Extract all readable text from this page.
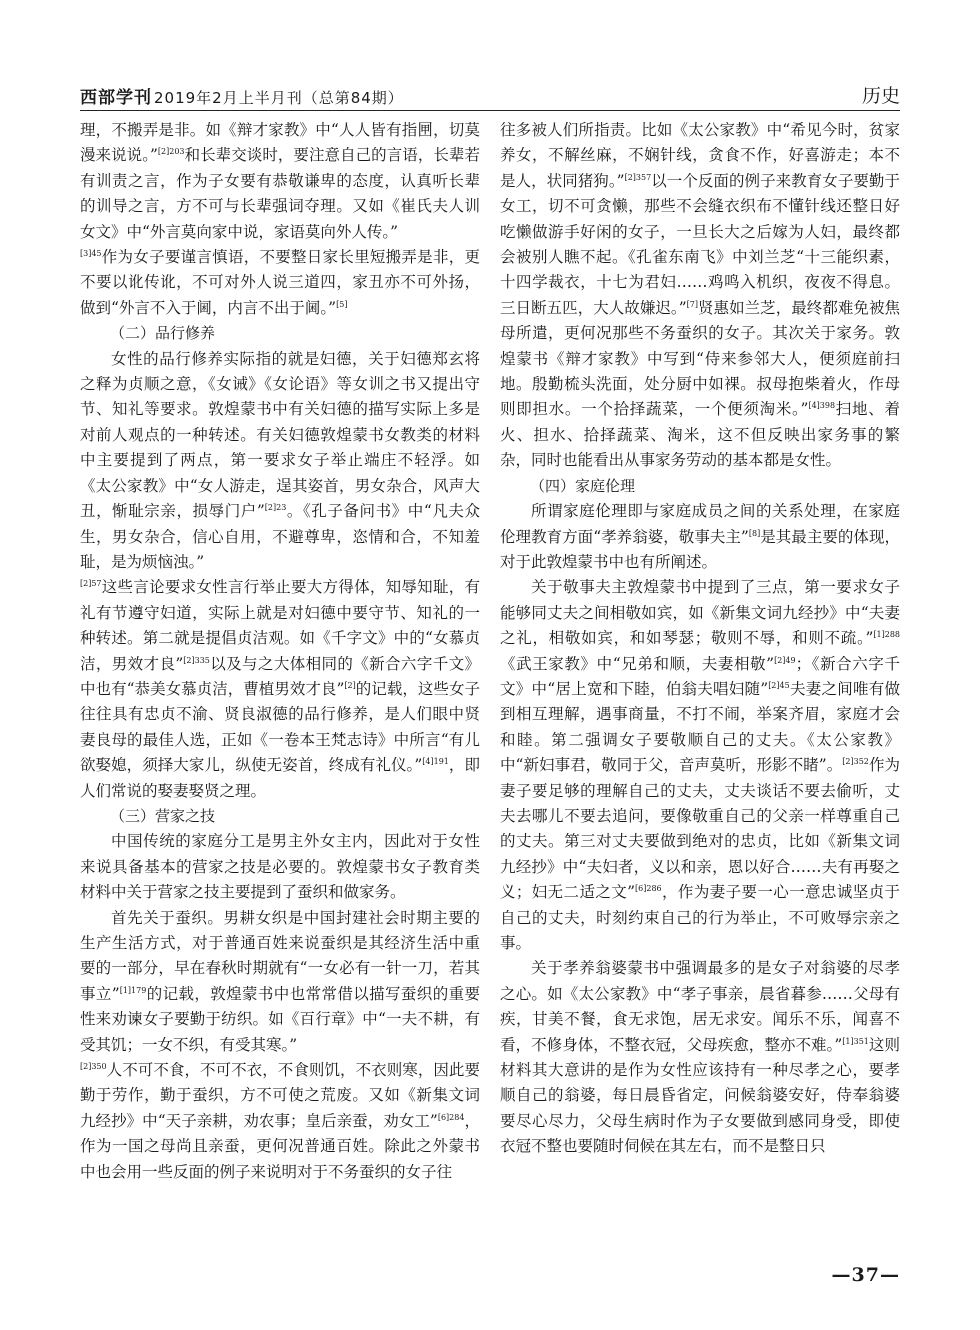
西部学刊 2019年2月上半月刊（总第84期）	历史

理，不搬弄是非。如《辩才家教》中“人人皆有指㘡，切莫漫来说说。”$^{[2]203}$和长辈交谈时，要注意自己的言语，长辈若有训责之言，作为子女要有恭敬谦卑的态度，认真听长辈的训导之言，方不可与长辈强词夺理。又如《崔氏夫人训女文》中“外言莫向家中说，家语莫向外人传。”

$^{[3]45}$作为女子要谨言慎语，不要整日家长里短搬弄是非，更不要以讹传讹，不可对外人说三道四，家丑亦不可外扬，做到“外言不入于阃，内言不出于阃。”[5]

（二）品行修养

女性的品行修养实际指的就是妇德，关于妇德郑玄将之释为贞顺之意，《女诫》《女论语》等女训之书又提出守节、知礼等要求。敦煌蒙书中有关妇德的描写实际上多是对前人观点的一种转述。有关妇德敦煌蒙书女教类的材料中主要提到了两点，第一要求女子举止端庄不轻浮。如《太公家教》中“女人游走，逞其姿首，男女杂合，风声大丑，惭耻宗亲，损辱门户”$^{[2]23}$。《孔子备问书》中“凡夫众生，男女杂合，信心自用，不避尊卑，恣情和合，不知羞耻，是为烦恼浊。”

$^{[2]57}$这些言论要求女性言行举止要大方得体，知辱知耻，有礼有节遵守妇道，实际上就是对妇德中要守节、知礼的一种转述。第二就是提倡贞洁观。如《千字文》中的“女慕贞洁，男效才良”$^{[2]335}$以及与之大体相同的《新合六字千文》中也有“恭美女慕贞洁，曹植男效才良”[2]的记载，这些女子往往具有忠贞不渝、贤良淑德的品行修养，是人们眼中贤妻良母的最佳人选，正如《一卷本王梵志诗》中所言“有儿欲娶媳，须择大家儿，纵使无姿首，终成有礼仪。”$^{[4]191}$，即人们常说的娶妻娶贤之理。

（三）营家之技

中国传统的家庭分工是男主外女主内，因此对于女性来说具备基本的营家之技是必要的。敦煌蒙书女子教育类材料中关于营家之技主要提到了蚕织和做家务。

首先关于蚕织。男耕女织是中国封建社会时期主要的生产生活方式，对于普通百姓来说蚕织是其经济生活中重要的一部分，早在春秋时期就有“一女必有一针一刀，若其事立”$^{[1]179}$的记载，敦煌蒙书中也常常借以描写蚕织的重要性来劝谏女子要勤于纺织。如《百行章》中“一夫不耕，有受其饥；一女不织，有受其寒。”

$^{[2]350}$人不可不食，不可不衣，不食则饥，不衣则寒，因此要勤于劳作，勤于蚕织，方不可使之荒废。又如《新集文词九经抄》中“天子亲耕，劝农事；皇后亲蚕，劝女工”$^{[6]284}$，作为一国之母尚且亲蚕，更何况普通百姓。除此之外蒙书中也会用一些反面的例子来说明对于不务蚕织的女子往

往多被人们所指责。比如《太公家教》中“希见今时，贫家养女，不解丝麻，不娴针线，贪食不作，好喜游走；本不是人，状同猪狗。”$^{[2]357}$以一个反面的例子来教育女子要勤于女工，切不可贪懒，那些不会缝衣织布不懂针线还整日好吃懒做游手好闲的女子，一旦长大之后嫁为人妇，最终都会被别人瞧不起。《孔雀东南飞》中刘兰芝“十三能织素，十四学裁衣，十七为君妇……鸡鸣入机织，夜夜不得息。三日断五匹，大人故嫌迟。”[7]贤惠如兰芝，最终都难免被焦母所遣，更何况那些不务蚕织的女子。其次关于家务。敦煌蒙书《辩才家教》中写到“侍来参邻大人，便须庭前扫地。殷勤梳头洗面，处分厨中如裸。叔母抱柴着火，作母则即担水。一个拾择蔬菜，一个便须淘米。”$^{[4]398}$扫地、着火、担水、拾择蔬菜、淘米，这不但反映出家务事的繁杂，同时也能看出从事家务劳动的基本都是女性。

（四）家庭伦理

所谓家庭伦理即与家庭成员之间的关系处理，在家庭伦理教育方面“孝养翁婆，敬事夫主”[8]是其最主要的体现，对于此敦煌蒙书中也有所阐述。

关于敬事夫主敦煌蒙书中提到了三点，第一要求女子能够同丈夫之间相敬如宾，如《新集文词九经抄》中“夫妻之礼，相敬如宾，和如琴瑟；敬则不辱，和则不疏。”$^{[1]288}$《武王家教》中“兄弟和顺，夫妻相敬”$^{[2]49}$；《新合六字千文》中“居上宽和下睦，伯翁夫唱妇随”$^{[2]45}$夫妻之间唯有做到相互理解，遇事商量，不打不闹，举案齐眉，家庭才会和睦。第二强调女子要敬顺自己的丈夫。《太公家教》中“新妇事君，敬同于父，音声莫听，形影不睹”。$^{[2]352}$作为妻子要足够的理解自己的丈夫，丈夫谈话不要去偷听，丈夫去哪儿不要去追问，要像敬重自己的父亲一样尊重自己的丈夫。第三对丈夫要做到绝对的忠贞，比如《新集文词九经抄》中“夫妇者，义以和亲，恩以好合……夫有再娶之义；妇无二适之文”$^{[6]286}$，作为妻子要一心一意忠诚坚贞于自己的丈夫，时刻约束自己的行为举止，不可败辱宗亲之事。

关于孝养翁婆蒙书中强调最多的是女子对翁婆的尽孝之心。如《太公家教》中“孝子事亲，晨省暮参……父母有疾，甘美不餐，食无求饱，居无求安。闻乐不乐，闻喜不看，不修身体，不整衣冠，父母疾愈，整亦不难。”$^{[1]351}$这则材料其大意讲的是作为女性应该持有一种尽孝之心，要孝顺自己的翁婆，每日晨昏省定，问候翁婆安好，侍奉翁婆要尽心尽力，父母生病时作为子女要做到感同身受，即使衣冠不整也要随时伺候在其左右，而不是整日只

—37—
